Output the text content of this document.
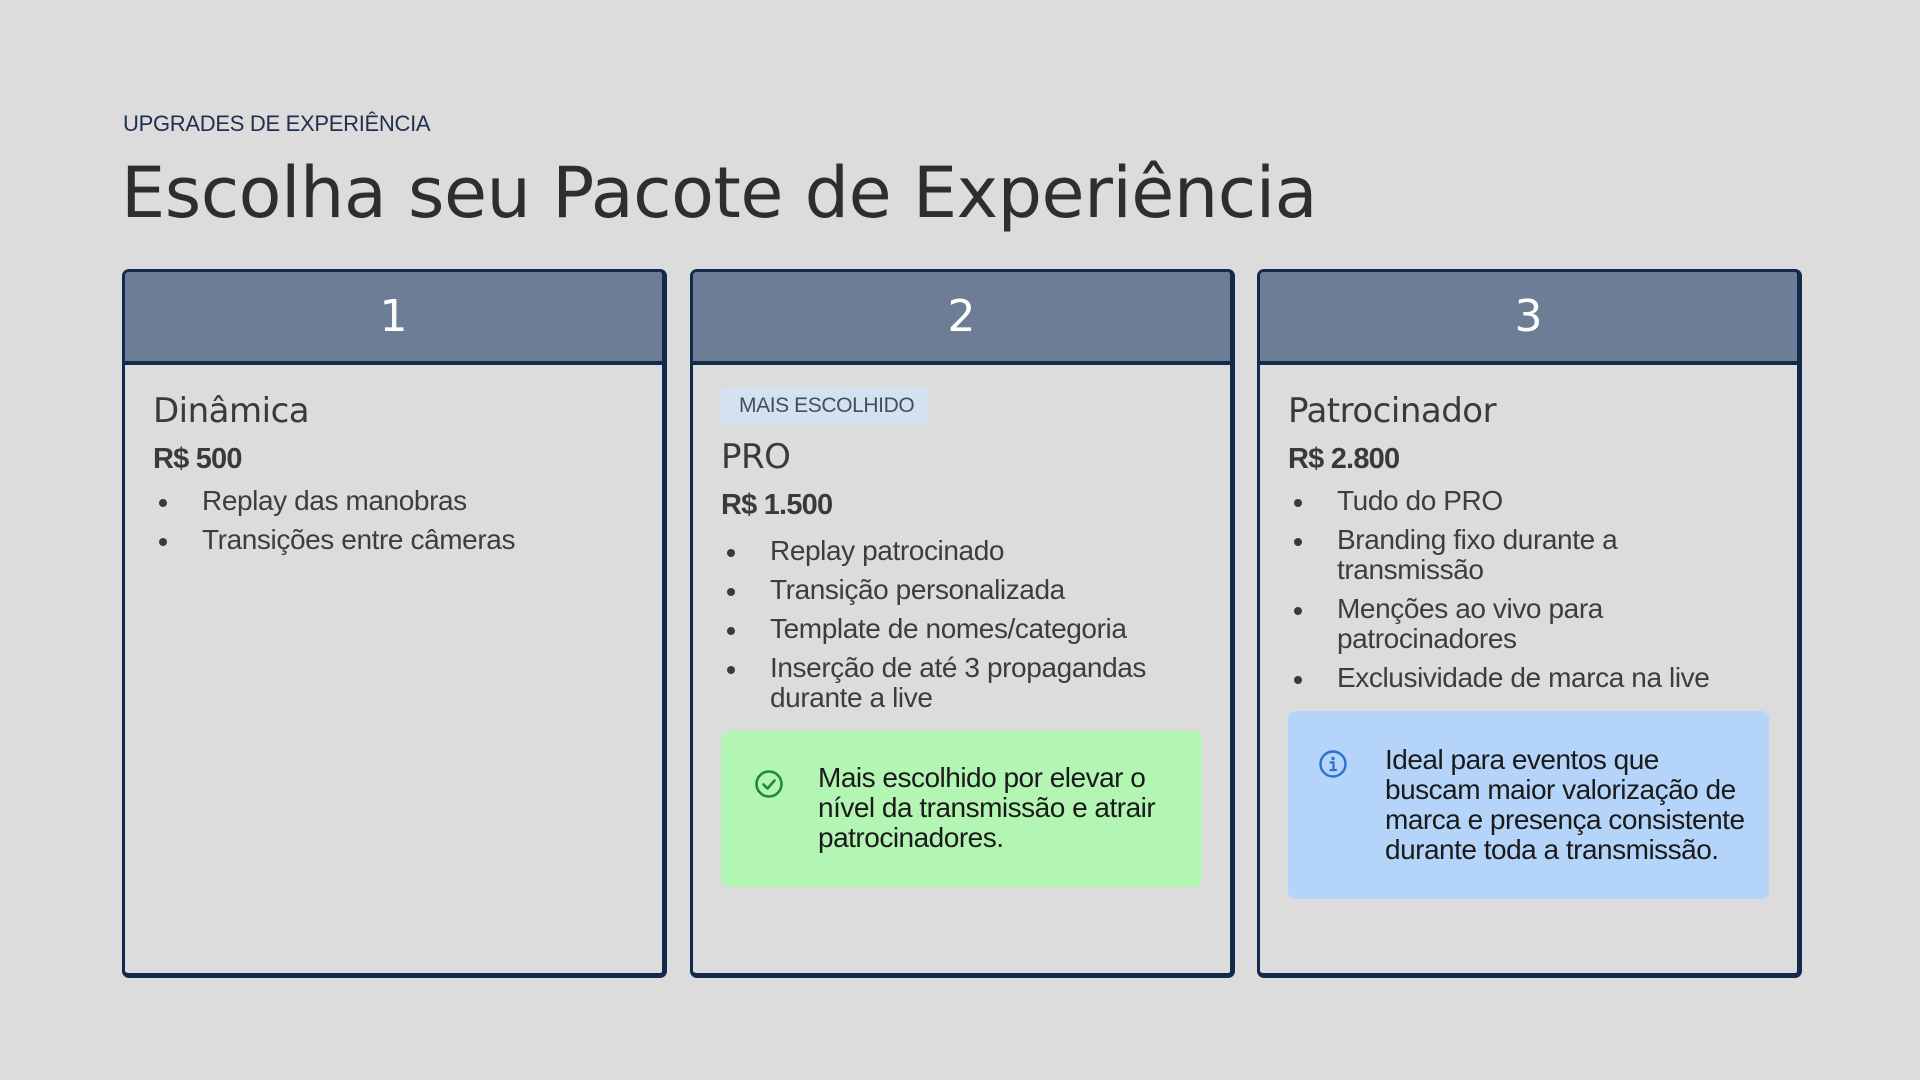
UPGRADES DE EXPERIÊNCIA
Escolha seu Pacote de Experiência
1
Dinâmica
R$ 500
Replay das manobras
Transições entre câmeras
2
MAIS ESCOLHIDO
PRO
R$ 1.500
Replay patrocinado
Transição personalizada
Template de nomes/categoria
Inserção de até 3 propagandas durante a live
Mais escolhido por elevar o nível da transmissão e atrair patrocinadores.
3
Patrocinador
R$ 2.800
Tudo do PRO
Branding fixo durante a transmissão
Menções ao vivo para patrocinadores
Exclusividade de marca na live
Ideal para eventos que buscam maior valorização de marca e presença consistente durante toda a transmissão.
